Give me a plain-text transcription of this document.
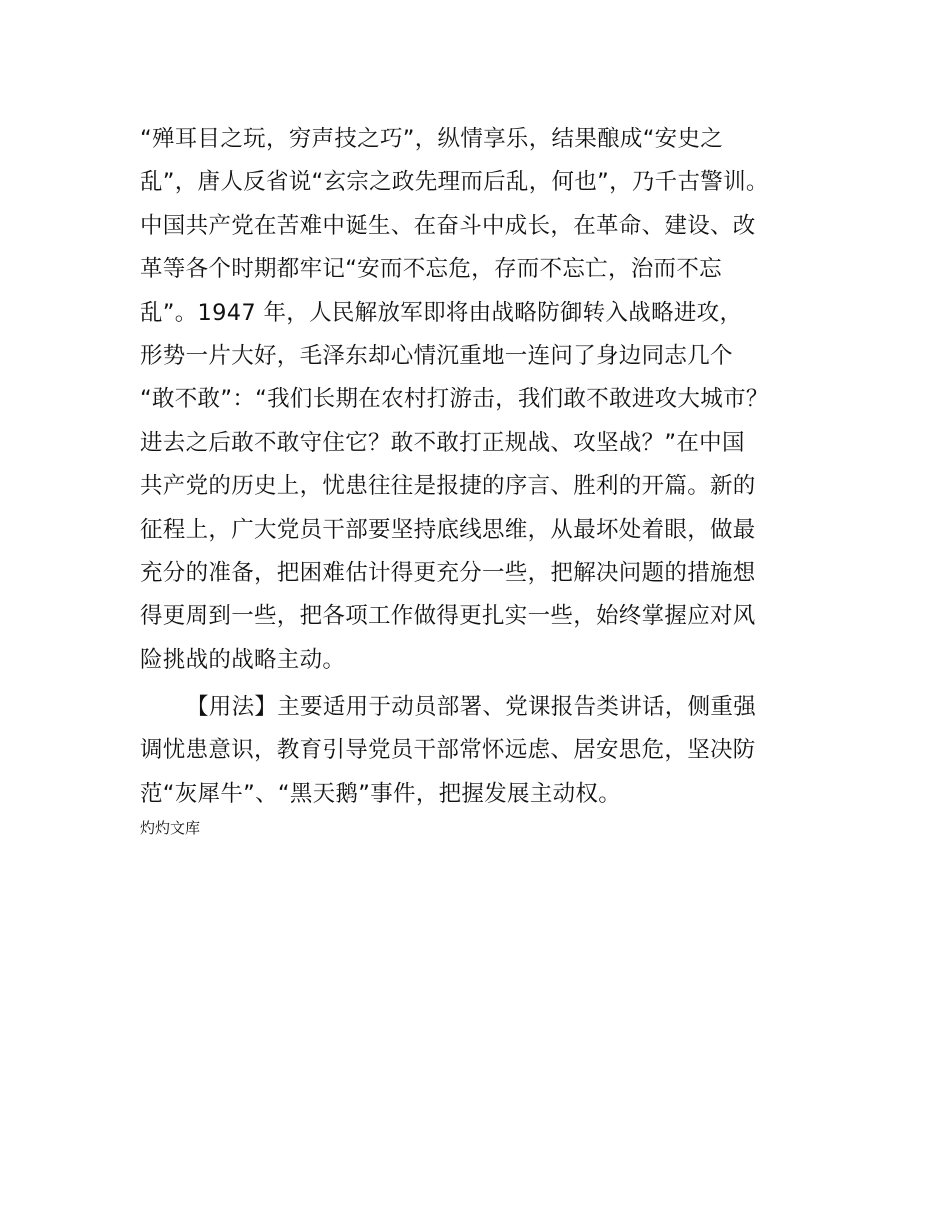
“殚耳目之玩，穷声技之巧”，纵情享乐，结果酿成“安史之
乱”，唐人反省说“玄宗之政先理而后乱，何也”，乃千古警训。
中国共产党在苦难中诞生、在奋斗中成长，在革命、建设、改
革等各个时期都牢记“安而不忘危，存而不忘亡，治而不忘
乱”。1947 年，人民解放军即将由战略防御转入战略进攻，
形势一片大好，毛泽东却心情沉重地一连问了身边同志几个
“敢不敢”：“我们长期在农村打游击，我们敢不敢进攻大城市？
进去之后敢不敢守住它？敢不敢打正规战、攻坚战？”在中国
共产党的历史上，忧患往往是报捷的序言、胜利的开篇。新的
征程上，广大党员干部要坚持底线思维，从最坏处着眼，做最
充分的准备，把困难估计得更充分一些，把解决问题的措施想
得更周到一些，把各项工作做得更扎实一些，始终掌握应对风
险挑战的战略主动。
【用法】主要适用于动员部署、党课报告类讲话，侧重强
调忧患意识，教育引导党员干部常怀远虑、居安思危，坚决防
范“灰犀牛”、“黑天鹅”事件，把握发展主动权。
灼灼文库
